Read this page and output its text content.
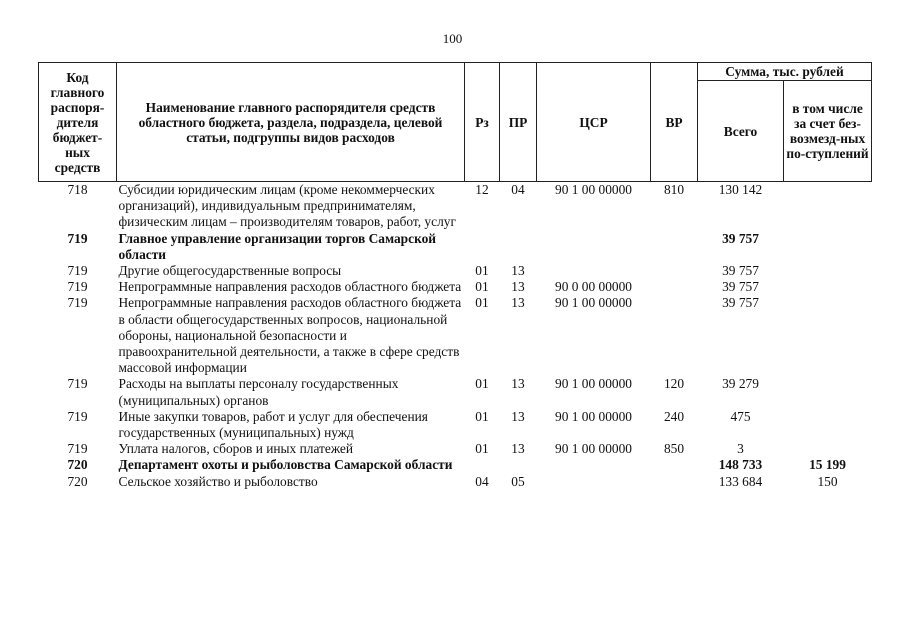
100
Код главного распоря-дителя бюджет-ных средств	Наименование главного распорядителя средств областного бюджета, раздела, подраздела, целевой статьи, подгруппы видов расходов	Рз	ПР	ЦСР	ВР	Сумма, тыс. рублей	
						Всего	в том числе за счет без-возмезд-ных по-ступлений
718	Субсидии юридическим лицам (кроме некоммерческих организаций), индивидуальным предпринимателям, физическим лицам – производителям товаров, работ, услуг	12	04	90 1 00 00000	810	130 142	
719	Главное управление организации торгов Самарской области					39 757	
719	Другие общегосударственные вопросы	01	13			39 757	
719	Непрограммные направления расходов областного бюджета	01	13	90 0 00 00000		39 757	
719	Непрограммные направления расходов областного бюджета в области общегосударственных вопросов, национальной обороны, национальной безопасности и правоохранительной деятельности, а также в сфере средств массовой информации	01	13	90 1 00 00000		39 757	
719	Расходы на выплаты персоналу государственных (муниципальных) органов	01	13	90 1 00 00000	120	39 279	
719	Иные закупки товаров, работ и услуг для обеспечения государственных (муниципальных) нужд	01	13	90 1 00 00000	240	475	
719	Уплата налогов, сборов и иных платежей	01	13	90 1 00 00000	850	3	
720	Департамент охоты и рыболовства Самарской области					148 733	15 199
720	Сельское хозяйство и рыболовство	04	05			133 684	150
